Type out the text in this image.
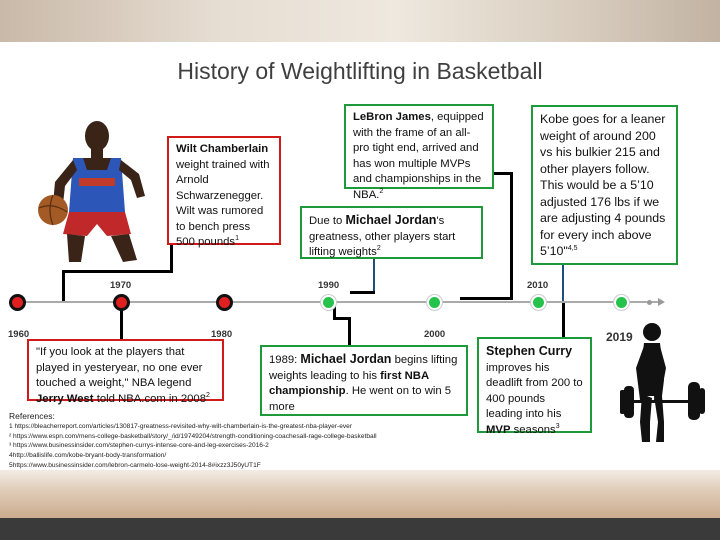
History of Weightlifting in Basketball
Wilt Chamberlain weight trained with Arnold Schwarzenegger. Wilt was rumored to bench press 500 pounds$^1$
"If you look at the players that played in yesteryear, no one ever touched a weight," NBA legend Jerry West told NBA.com in 2008$^2$
Due to Michael Jordan's greatness, other players start lifting weights$^2$
1989: Michael Jordan begins lifting weights leading to his first NBA championship. He went on to win 5 more
LeBron James, equipped with the frame of an all-pro tight end, arrived and has won multiple MVPs and championships in the NBA.$^2$
Kobe goes for a leaner weight of around 200 vs his bulkier 215 and other players follow. This would be a 5’10 adjusted 176 lbs if we are adjusting 4 pounds for every inch above 5’10"$^{4,5}$
Stephen Curry
improves his deadlift from 200 to 400 pounds leading into his MVP seasons$^3$
1960
1970
1980
1990
2000
2010
2019
References:
1 https://bleacherreport.com/articles/130817-greatness-revisited-why-wilt-chamberlain-is-the-greatest-nba-player-ever
² https://www.espn.com/mens-college-basketball/story/_/id/19749204/strength-conditioning-coachesall-rage-college-basketball
³ https://www.businessinsider.com/stephen-currys-intense-core-and-leg-exercises-2016-2
4http://ballislife.com/kobe-bryant-body-transformation/
5https://www.businessinsider.com/lebron-carmelo-lose-weight-2014-8#ixzz3J50yUT1F
